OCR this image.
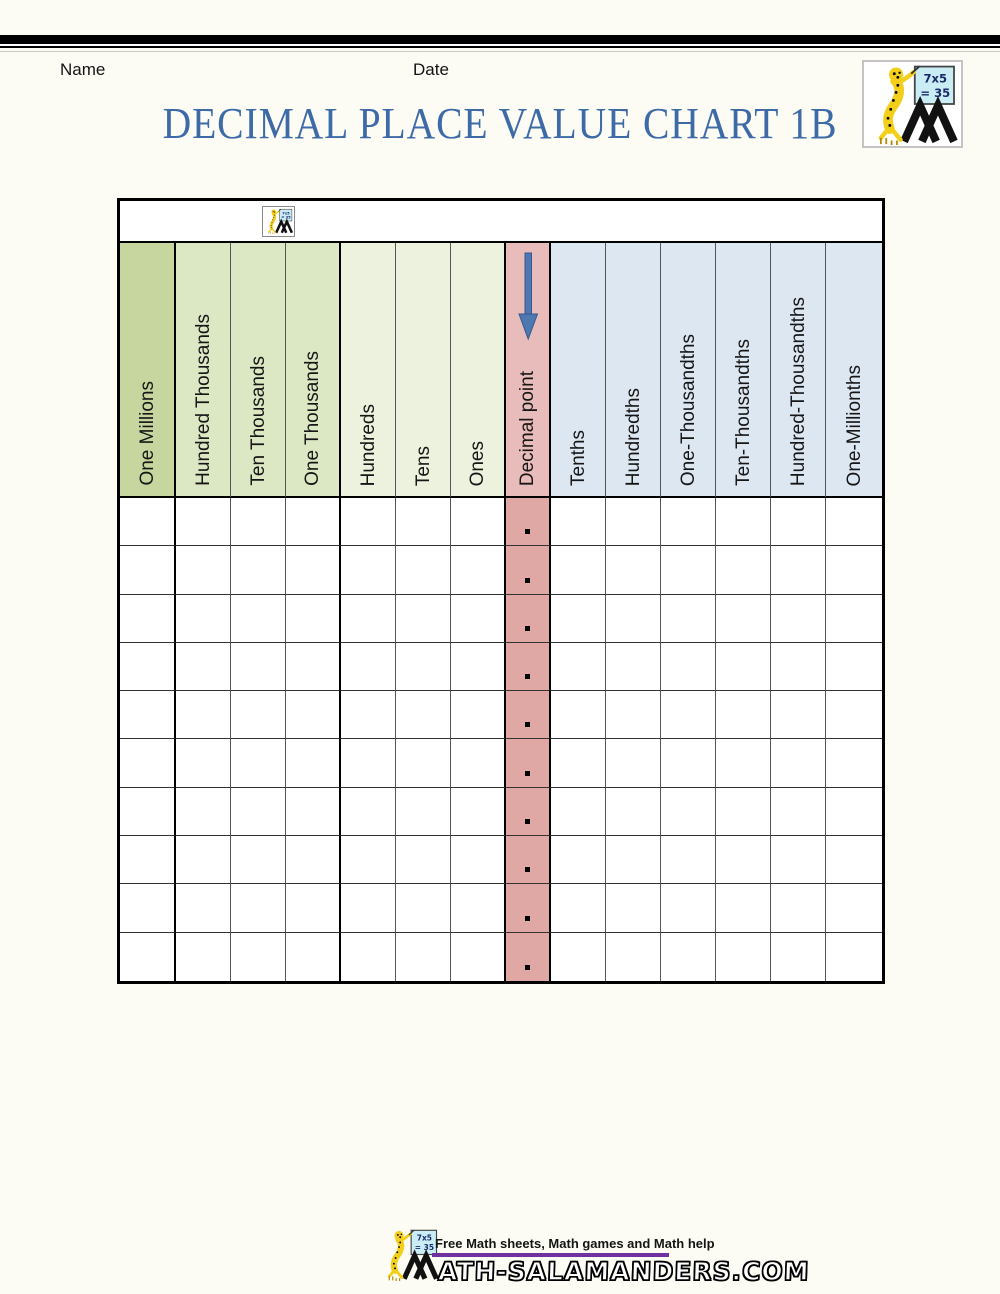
Name	Date
DECIMAL PLACE VALUE CHART 1B
DECIMAL PLACE VALUE CHART
One Millions Hundred Thousands Ten Thousands One Thousands Hundreds Tens Ones Decimal point Tenths Hundredths One-Thousandths Ten-Thousandths Hundred-Thousandths One-Millionths
Free Math sheets, Math games and Math help
ATH-SALAMANDERS.COM
